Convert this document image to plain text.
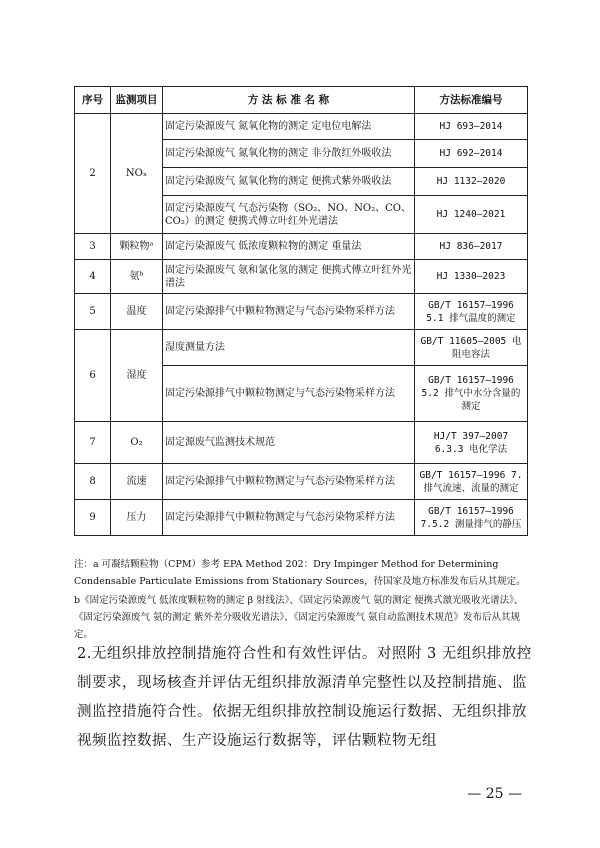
序号	监测项目	方 法 标 准 名 称	方法标准编号
2	NOₓ	固定污染源废气 氮氧化物的测定 定电位电解法	HJ 693—2014
		固定污染源废气 氮氧化物的测定 非分散红外吸收法	HJ 692—2014
		固定污染源废气 氮氧化物的测定 便携式紫外吸收法	HJ 1132—2020
		固定污染源废气 气态污染物（SO₂、NO、NO₂、CO、CO₂）的测定 便携式傅立叶红外光谱法	HJ 1240—2021
3	颗粒物ᵃ	固定污染源废气 低浓度颗粒物的测定 重量法	HJ 836—2017
4	氨ᵇ	固定污染源废气 氨和氯化氢的测定 便携式傅立叶红外光谱法	HJ 1330—2023
5	温度	固定污染源排气中颗粒物测定与气态污染物采样方法	GB/T 16157—1996 5.1 排气温度的测定
6	湿度	湿度测量方法	GB/T 11605—2005 电阻电容法
		固定污染源排气中颗粒物测定与气态污染物采样方法	GB/T 16157—1996 5.2 排气中水分含量的测定
7	O₂	固定源废气监测技术规范	HJ/T 397—2007 6.3.3 电化学法
8	流速	固定污染源排气中颗粒物测定与气态污染物采样方法	GB/T 16157—1996 7.排气流速、流量的测定
9	压力	固定污染源排气中颗粒物测定与气态污染物采样方法	GB/T 16157—1996 7.5.2 测量排气的静压
注：a 可凝结颗粒物（CPM）参考 EPA Method 202：Dry Impinger Method for Determining Condensable Particulate Emissions from Stationary Sources，待国家及地方标准发布后从其规定。
b《固定污染源废气 低浓度颗粒物的测定 β 射线法》、《固定污染源废气 氨的测定 便携式激光吸收光谱法》、《固定污染源废气 氨的测定 紫外差分吸收光谱法》、《固定污染源废气 氨自动监测技术规范》发布后从其规定。
2.无组织排放控制措施符合性和有效性评估。对照附 3 无组织排放控制要求，现场核查并评估无组织排放源清单完整性以及控制措施、监测监控措施符合性。依据无组织排放控制设施运行数据、无组织排放视频监控数据、生产设施运行数据等，评估颗粒物无组
— 25 —
